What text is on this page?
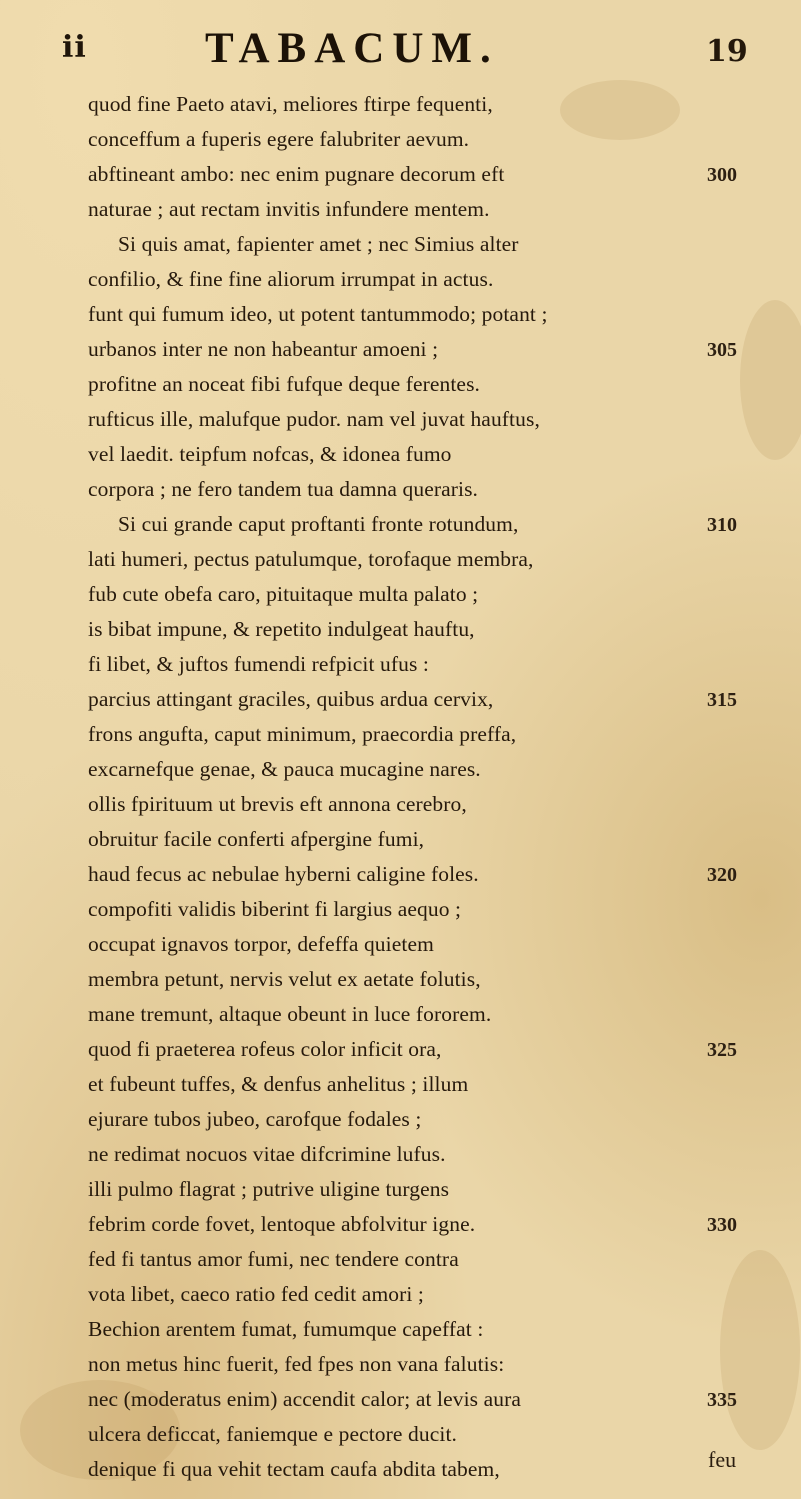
ii	TABACUM.	19
quod fine Paeto atavi, meliores ftirpe fequenti,
conceffum a fuperis egere falubriter aevum.
abftineant ambo: nec enim pugnare decorum eft
naturae ; aut rectam invitis infundere mentem.
Si quis amat, fapienter amet ; nec Simius alter
confilio, & fine fine aliorum irrumpat in actus.
funt qui fumum ideo, ut potent tantummodo; potant ;
urbanos inter ne non habeantur amoeni ;
profitne an noceat fibi fufque deque ferentes.
rufticus ille, malufque pudor. nam vel juvat hauftus,
vel laedit. teipfum nofcas, & idonea fumo
corpora ; ne fero tandem tua damna queraris.
Si cui grande caput proftanti fronte rotundum,
lati humeri, pectus patulumque, torofaque membra,
fub cute obefa caro, pituitaque multa palato ;
is bibat impune, & repetito indulgeat hauftu,
fi libet, & juftos fumendi refpicit ufus :
parcius attingant graciles, quibus ardua cervix,
frons angufta, caput minimum, praecordia preffa,
excarnefque genae, & pauca mucagine nares.
ollis fpirituum ut brevis eft annona cerebro,
obruitur facile conferti afpergine fumi,
haud fecus ac nebulae hyberni caligine foles.
compofiti validis biberint fi largius aequo ;
occupat ignavos torpor, defeffa quietem
membra petunt, nervis velut ex aetate folutis,
mane tremunt, altaque obeunt in luce fororem.
quod fi praeterea rofeus color inficit ora,
et fubeunt tuffes, & denfus anhelitus ; illum
ejurare tubos jubeo, carofque fodales ;
ne redimat nocuos vitae difcrimine lufus.
illi pulmo flagrat ; putrive uligine turgens
febrim corde fovet, lentoque abfolvitur igne.
fed fi tantus amor fumi, nec tendere contra
vota libet, caeco ratio fed cedit amori ;
Bechion arentem fumat, fumumque capeffat :
non metus hinc fuerit, fed fpes non vana falutis:
nec (moderatus enim) accendit calor; at levis aura
ulcera deficcat, faniemque e pectore ducit.
denique fi qua vehit tectam caufa abdita tabem,
300
305
310
315
320
325
330
335
feu
